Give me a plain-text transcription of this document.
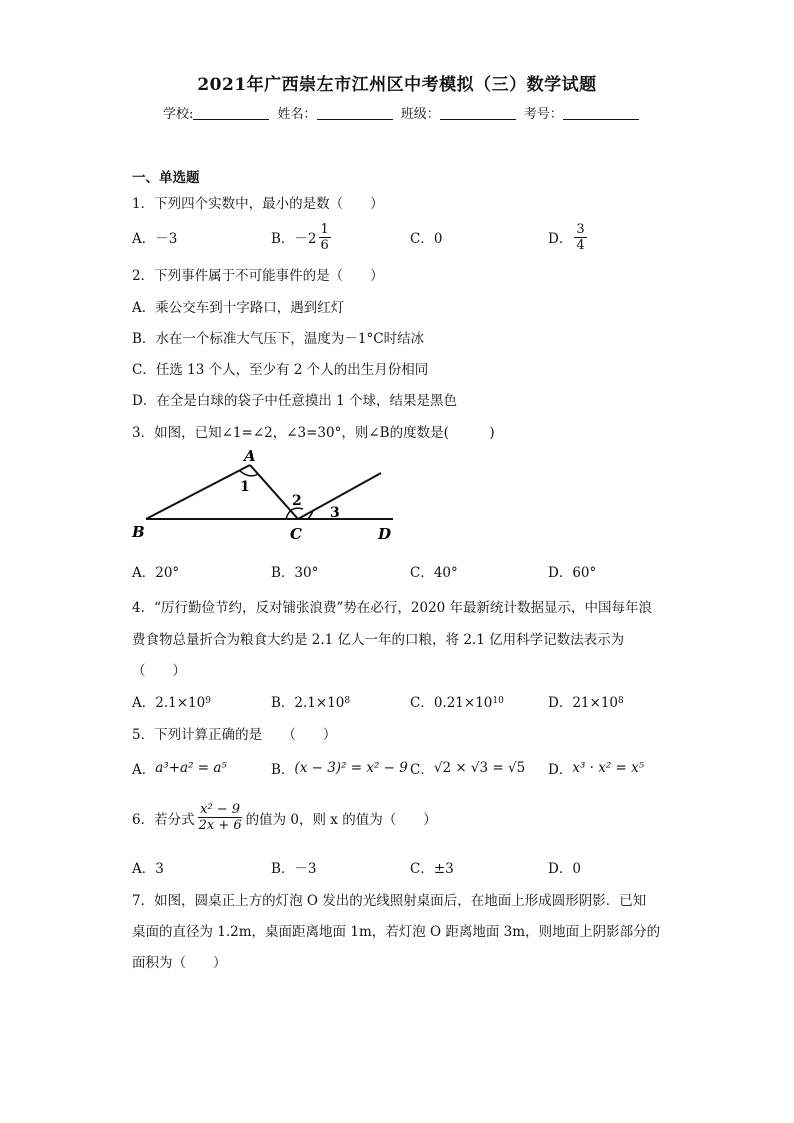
2021年广西崇左市江州区中考模拟（三）数学试题
学校:	姓名：	班级：	考号：
一、单选题
1．下列四个实数中，最小的是数（　　）
A．－3	B．$-2 \frac{1}{6}$	C．0	D． $\frac{3}{4}$
2．下列事件属于不可能事件的是（　　）
A．乘公交车到十字路口，遇到红灯
B．水在一个标准大气压下，温度为－1°C时结冰
C．任选 13 个人，至少有 2 个人的出生月份相同
D．在全是白球的袋子中任意摸出 1 个球，结果是黑色
3．如图，已知∠1=∠2，∠3=30°，则∠B的度数是(　　　)
A
B	C	D
1
2
3
A．20°	B．30°	C．40°	D．60°
4．“厉行勤俭节约，反对铺张浪费”势在必行，2020 年最新统计数据显示，中国每年浪
费食物总量折合为粮食大约是 2.1 亿人一年的口粮，将 2.1 亿用科学记数法表示为
（　　）
A．2.1×10 9	B．2.1×10 8	C．0.21×10 10	D．21×10 8
5．下列计算正确的是　　（　　）
A． a³+a² = a⁵	B． (x − 3)² = x² − 9 C． √2 × √3 = √5 D． x³ · x² = x⁵
6．若分式 $\frac{\text{x² − 9}}{2x + 6}$ 的值为 0，则 x 的值为（　　）
A．3	B．－3	C．±3	D．0
7．如图，圆桌正上方的灯泡 O 发出的光线照射桌面后，在地面上形成圆形阴影．已知
桌面的直径为 1.2m，桌面距离地面 1m，若灯泡 O 距离地面 3m，则地面上阴影部分的
面积为（　　）
